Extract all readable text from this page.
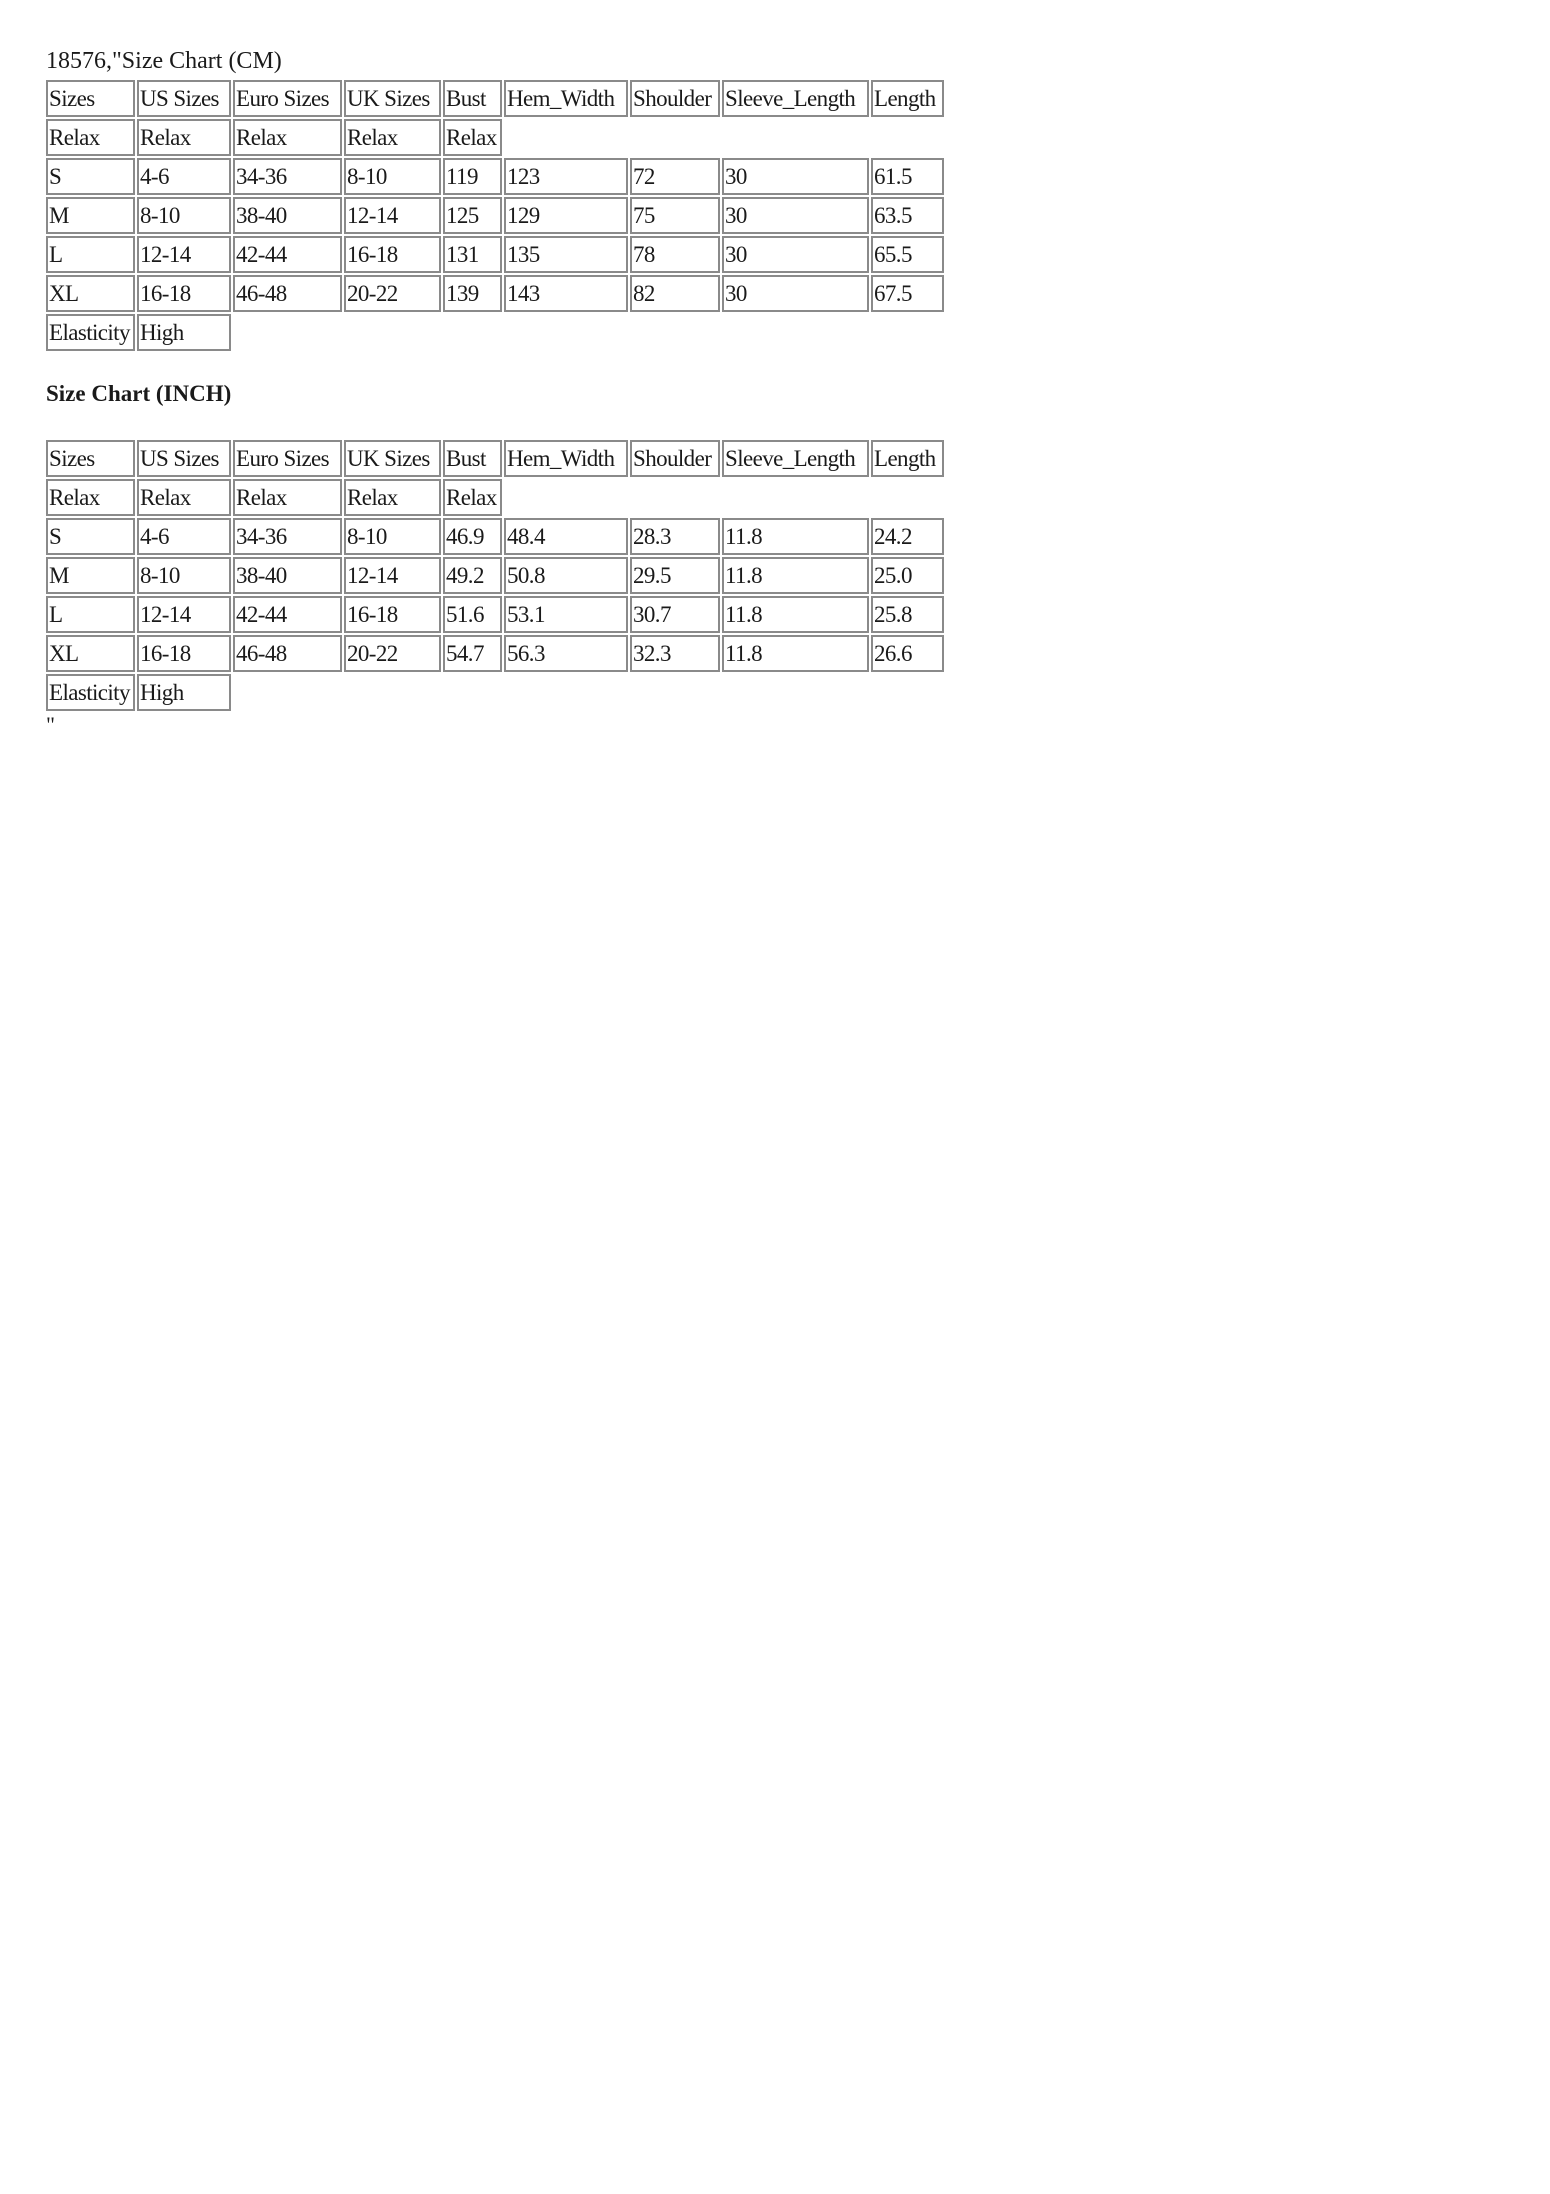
18576,"Size Chart (CM)
Sizes	US Sizes	Euro Sizes	UK Sizes	Bust	Hem_Width	Shoulder	Sleeve_Length	Length
Relax	Relax	Relax	Relax	Relax				
S	4-6	34-36	8-10	119	123	72	30	61.5
M	8-10	38-40	12-14	125	129	75	30	63.5
L	12-14	42-44	16-18	131	135	78	30	65.5
XL	16-18	46-48	20-22	139	143	82	30	67.5
Elasticity	High							
Size Chart (INCH)
Sizes	US Sizes	Euro Sizes	UK Sizes	Bust	Hem_Width	Shoulder	Sleeve_Length	Length
Relax	Relax	Relax	Relax	Relax				
S	4-6	34-36	8-10	46.9	48.4	28.3	11.8	24.2
M	8-10	38-40	12-14	49.2	50.8	29.5	11.8	25.0
L	12-14	42-44	16-18	51.6	53.1	30.7	11.8	25.8
XL	16-18	46-48	20-22	54.7	56.3	32.3	11.8	26.6
Elasticity	High							
"
